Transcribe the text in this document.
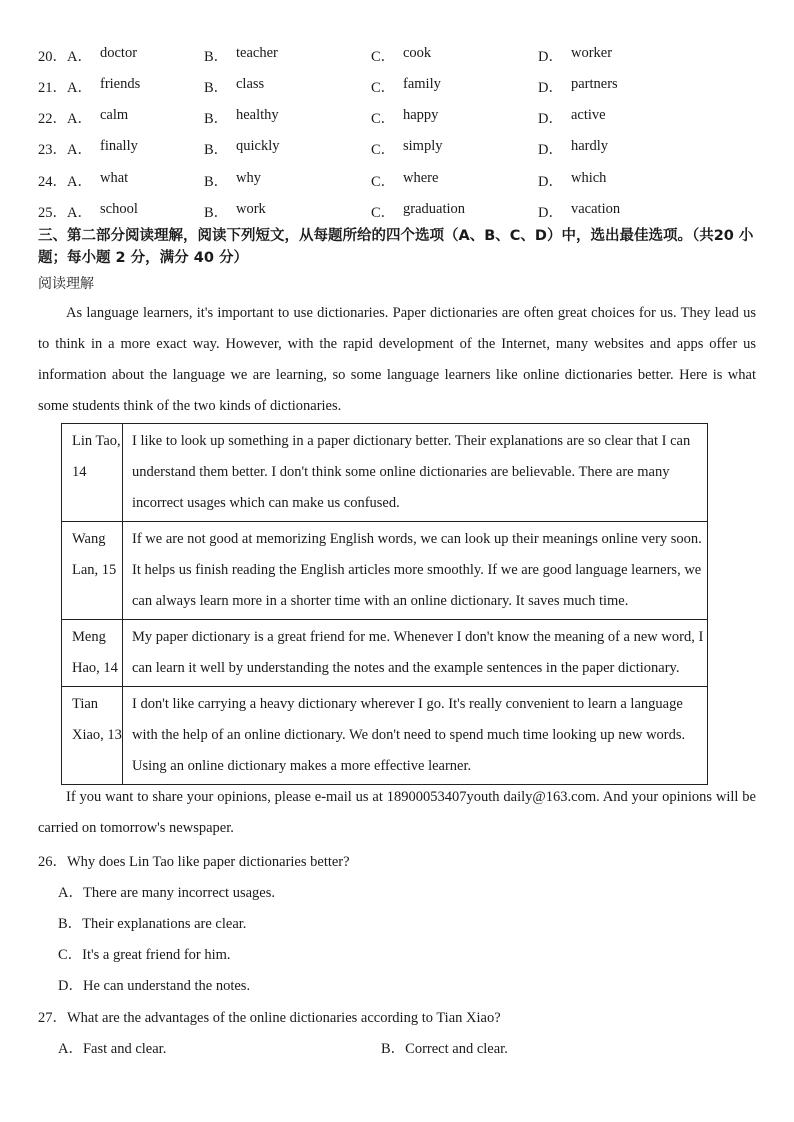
20．A． doctor	B． teacher	C． cook	D． worker
21．A． friends	B． class	C． family	D． partners
22．A． calm	B． healthy	C． happy	D． active
23．A． finally	B． quickly	C． simply	D． hardly
24．A． what	B． why	C． where	D． which
25．A． school	B． work	C． graduation	D． vacation
三、第二部分阅读理解，阅读下列短文，从每题所给的四个选项（A、B、C、D）中，选出最佳选项。（共20 小题；每小题 2 分，满分 40 分）
阅读理解
As language learners, it's important to use dictionaries. Paper dictionaries are often great choices for us. They lead us to think in a more exact way. However, with the rapid development of the Internet, many websites and apps offer us information about the language we are learning, so some language learners like online dictionaries better. Here is what some students think of the two kinds of dictionaries.
Lin Tao, 14	I like to look up something in a paper dictionary better. Their explanations are so clear that I can understand them better. I don't think some online dictionaries are believable. There are many incorrect usages which can make us confused.
Wang Lan, 15	If we are not good at memorizing English words, we can look up their meanings online very soon. It helps us finish reading the English articles more smoothly. If we are good language learners, we can always learn more in a shorter time with an online dictionary. It saves much time.
Meng Hao, 14	My paper dictionary is a great friend for me. Whenever I don't know the meaning of a new word, I can learn it well by understanding the notes and the example sentences in the paper dictionary.
Tian Xiao, 13	I don't like carrying a heavy dictionary wherever I go. It's really convenient to learn a language with the help of an online dictionary. We don't need to spend much time looking up new words. Using an online dictionary makes a more effective learner.
If you want to share your opinions, please e-mail us at 18900053407youth daily@163.com. And your opinions will be carried on tomorrow's newspaper.
26．Why does Lin Tao like paper dictionaries better?
A．There are many incorrect usages.
B．Their explanations are clear.
C．It's a great friend for him.
D．He can understand the notes.
27．What are the advantages of the online dictionaries according to Tian Xiao?
A．Fast and clear.	B．Correct and clear.
